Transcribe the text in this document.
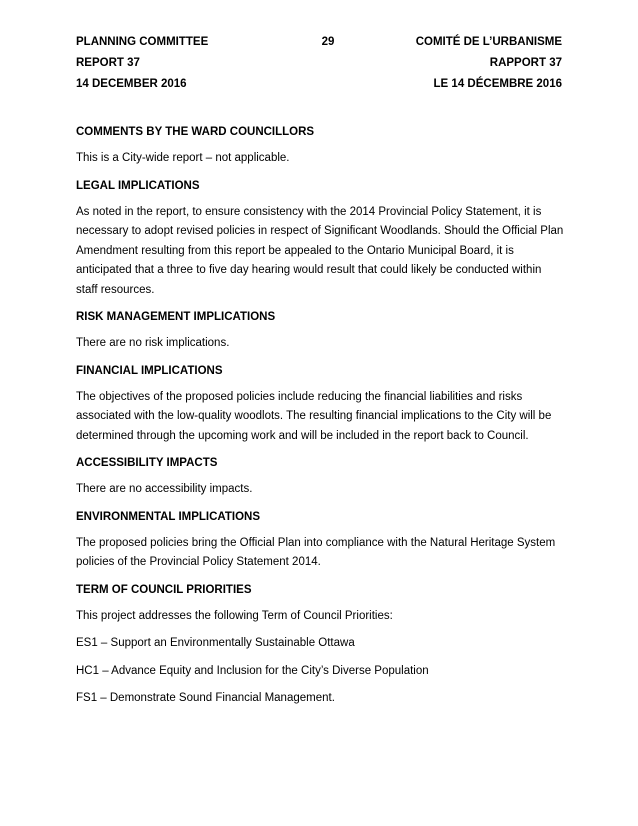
PLANNING COMMITTEE
REPORT 37
14 DECEMBER 2016
29	COMITÉ DE L’URBANISME
RAPPORT 37
LE 14 DÉCEMBRE 2016
COMMENTS BY THE WARD COUNCILLORS
This is a City-wide report – not applicable.
LEGAL IMPLICATIONS
As noted in the report, to ensure consistency with the 2014 Provincial Policy Statement, it is necessary to adopt revised policies in respect of Significant Woodlands. Should the Official Plan Amendment resulting from this report be appealed to the Ontario Municipal Board, it is anticipated that a three to five day hearing would result that could likely be conducted within staff resources.
RISK MANAGEMENT IMPLICATIONS
There are no risk implications.
FINANCIAL IMPLICATIONS
The objectives of the proposed policies include reducing the financial liabilities and risks associated with the low-quality woodlots. The resulting financial implications to the City will be determined through the upcoming work and will be included in the report back to Council.
ACCESSIBILITY IMPACTS
There are no accessibility impacts.
ENVIRONMENTAL IMPLICATIONS
The proposed policies bring the Official Plan into compliance with the Natural Heritage System policies of the Provincial Policy Statement 2014.
TERM OF COUNCIL PRIORITIES
This project addresses the following Term of Council Priorities:
ES1 – Support an Environmentally Sustainable Ottawa
HC1 – Advance Equity and Inclusion for the City’s Diverse Population
FS1 – Demonstrate Sound Financial Management.
